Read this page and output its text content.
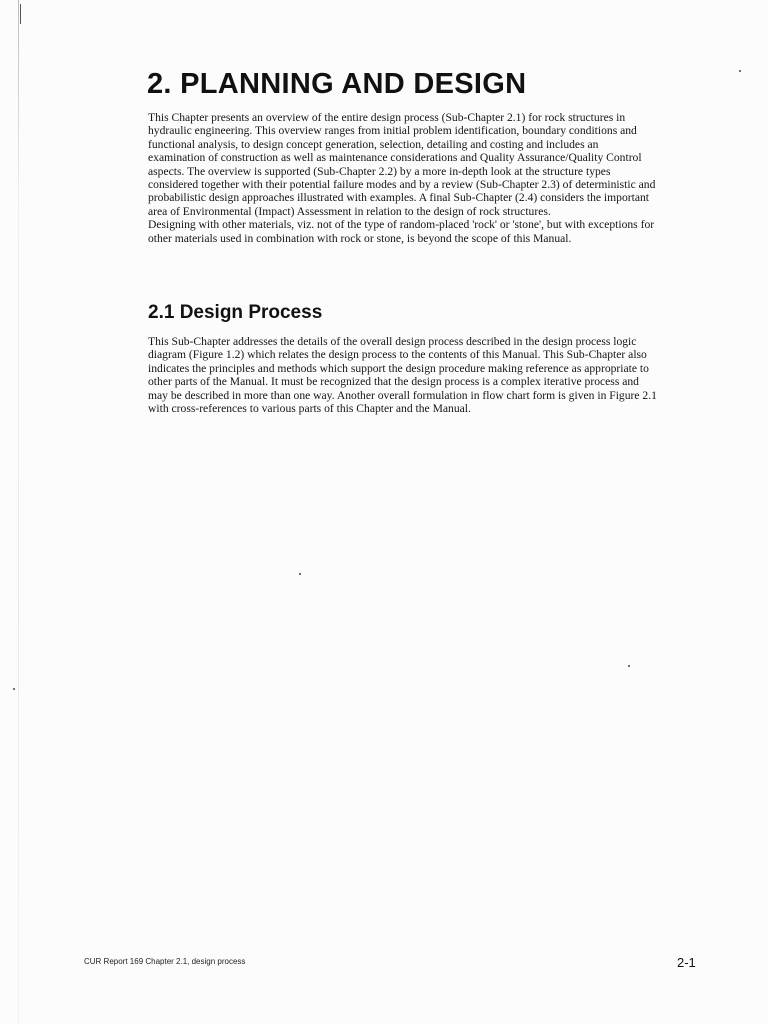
2. PLANNING AND DESIGN

This Chapter presents an overview of the entire design process (Sub-Chapter 2.1) for rock structures in hydraulic engineering. This overview ranges from initial problem identification, boundary conditions and functional analysis, to design concept generation, selection, detailing and costing and includes an examination of construction as well as maintenance considerations and Quality Assurance/Quality Control aspects. The overview is supported (Sub-Chapter 2.2) by a more in-depth look at the structure types considered together with their potential failure modes and by a review (Sub-Chapter 2.3) of deterministic and probabilistic design approaches illustrated with examples. A final Sub-Chapter (2.4) considers the important area of Environmental (Impact) Assessment in relation to the design of rock structures.

Designing with other materials, viz. not of the type of random-placed 'rock' or 'stone', but with exceptions for other materials used in combination with rock or stone, is beyond the scope of this Manual.

2.1 Design Process

This Sub-Chapter addresses the details of the overall design process described in the design process logic diagram (Figure 1.2) which relates the design process to the contents of this Manual. This Sub-Chapter also indicates the principles and methods which support the design procedure making reference as appropriate to other parts of the Manual. It must be recognized that the design process is a complex iterative process and may be described in more than one way. Another overall formulation in flow chart form is given in Figure 2.1 with cross-references to various parts of this Chapter and the Manual.

CUR Report 169 Chapter 2.1, design process	2-1
